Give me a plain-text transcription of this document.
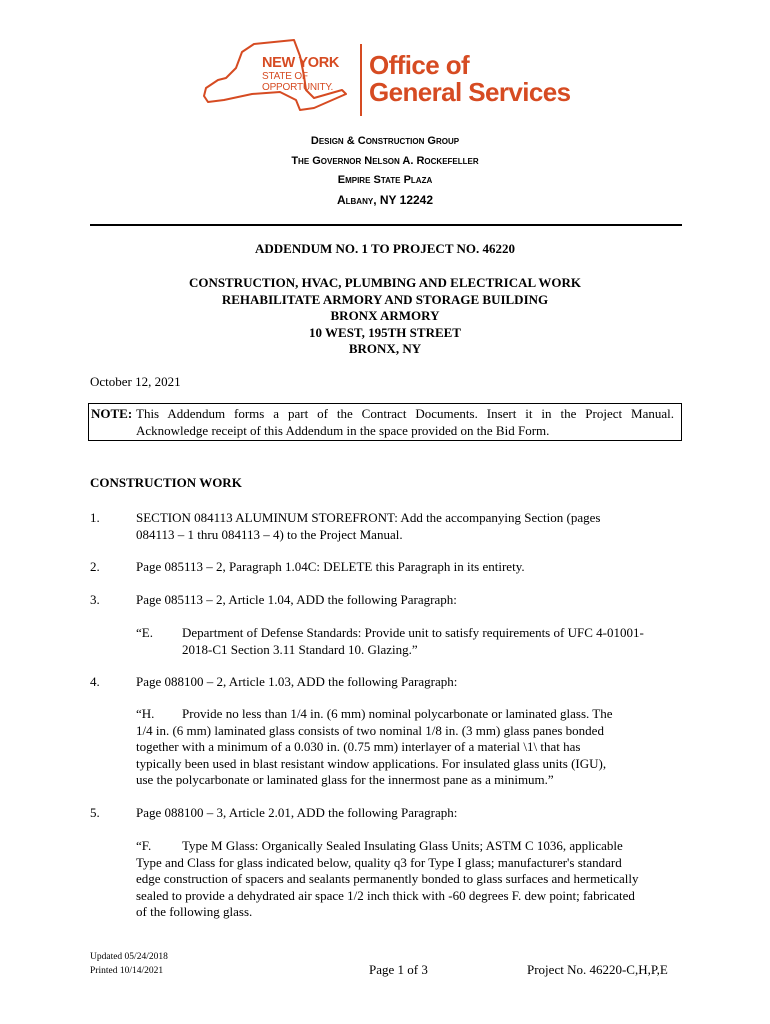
NEW YORK
STATE OF
OPPORTUNITY.
Office of
General Services
Design & Construction Group
The Governor Nelson A. Rockefeller
Empire State Plaza
Albany, NY 12242
ADDENDUM NO. 1 TO PROJECT NO. 46220
CONSTRUCTION, HVAC, PLUMBING AND ELECTRICAL WORK
REHABILITATE ARMORY AND STORAGE BUILDING
BRONX ARMORY
10 WEST, 195TH STREET
BRONX, NY
October 12, 2021
NOTE: This Addendum forms a part of the Contract Documents. Insert it in the Project Manual.
Acknowledge receipt of this Addendum in the space provided on the Bid Form.
CONSTRUCTION WORK
1.	SECTION 084113 ALUMINUM STOREFRONT: Add the accompanying Section (pages
084113 – 1 thru 084113 – 4) to the Project Manual.
2.	Page 085113 – 2, Paragraph 1.04C: DELETE this Paragraph in its entirety.
3.	Page 085113 – 2, Article 1.04, ADD the following Paragraph:
“E. Department of Defense Standards: Provide unit to satisfy requirements of UFC 4-01001-
2018-C1 Section 3.11 Standard 10. Glazing.”
4.	Page 088100 – 2, Article 1.03, ADD the following Paragraph:
“H. Provide no less than 1/4 in. (6 mm) nominal polycarbonate or laminated glass. The
1/4 in. (6 mm) laminated glass consists of two nominal 1/8 in. (3 mm) glass panes bonded
together with a minimum of a 0.030 in. (0.75 mm) interlayer of a material \1\ that has
typically been used in blast resistant window applications. For insulated glass units (IGU),
use the polycarbonate or laminated glass for the innermost pane as a minimum.”
5.	Page 088100 – 3, Article 2.01, ADD the following Paragraph:
“F. Type M Glass: Organically Sealed Insulating Glass Units; ASTM C 1036, applicable
Type and Class for glass indicated below, quality q3 for Type I glass; manufacturer's standard
edge construction of spacers and sealants permanently bonded to glass surfaces and hermetically
sealed to provide a dehydrated air space 1/2 inch thick with -60 degrees F. dew point; fabricated
of the following glass.
Updated 05/24/2018
Printed 10/14/2021	Page 1 of 3	Project No. 46220-C,H,P,E
